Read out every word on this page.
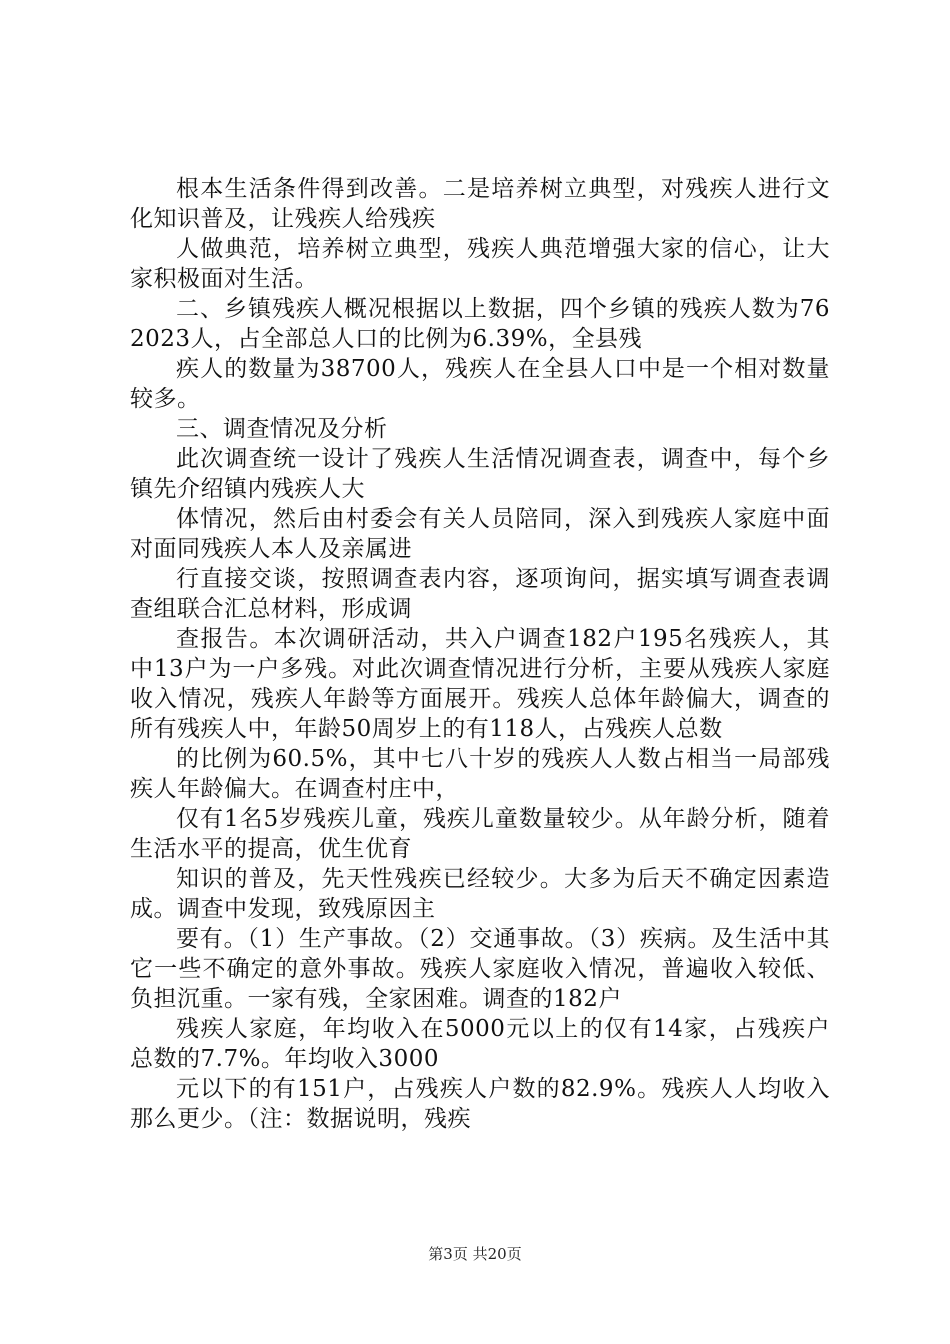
根本生活条件得到改善。二是培养树立典型，对残疾人进行文化知识普及，让残疾人给残疾

人做典范，培养树立典型，残疾人典范增强大家的信心，让大家积极面对生活。

二、乡镇残疾人概况根据以上数据，四个乡镇的残疾人数为762023人，占全部总人口的比例为6.39%，全县残

疾人的数量为38700人，残疾人在全县人口中是一个相对数量较多。

三、调查情况及分析

此次调查统一设计了残疾人生活情况调查表，调查中，每个乡镇先介绍镇内残疾人大

体情况，然后由村委会有关人员陪同，深入到残疾人家庭中面对面同残疾人本人及亲属进

行直接交谈，按照调查表内容，逐项询问，据实填写调查表调查组联合汇总材料，形成调

查报告。本次调研活动，共入户调查182户195名残疾人，其中13户为一户多残。对此次调查情况进行分析，主要从残疾人家庭收入情况，残疾人年龄等方面展开。残疾人总体年龄偏大，调查的所有残疾人中，年龄50周岁上的有118人，占残疾人总数

的比例为60.5%，其中七八十岁的残疾人人数占相当一局部残疾人年龄偏大。在调查村庄中，

仅有1名5岁残疾儿童，残疾儿童数量较少。从年龄分析，随着生活水平的提高，优生优育

知识的普及，先天性残疾已经较少。大多为后天不确定因素造成。调查中发现，致残原因主

要有。（1）生产事故。（2）交通事故。（3）疾病。及生活中其它一些不确定的意外事故。残疾人家庭收入情况，普遍收入较低、负担沉重。一家有残，全家困难。调查的182户

残疾人家庭，年均收入在5000元以上的仅有14家，占残疾户总数的7.7%。年均收入3000

元以下的有151户，占残疾人户数的82.9%。残疾人人均收入那么更少。（注：数据说明，残疾

第3页 共20页
